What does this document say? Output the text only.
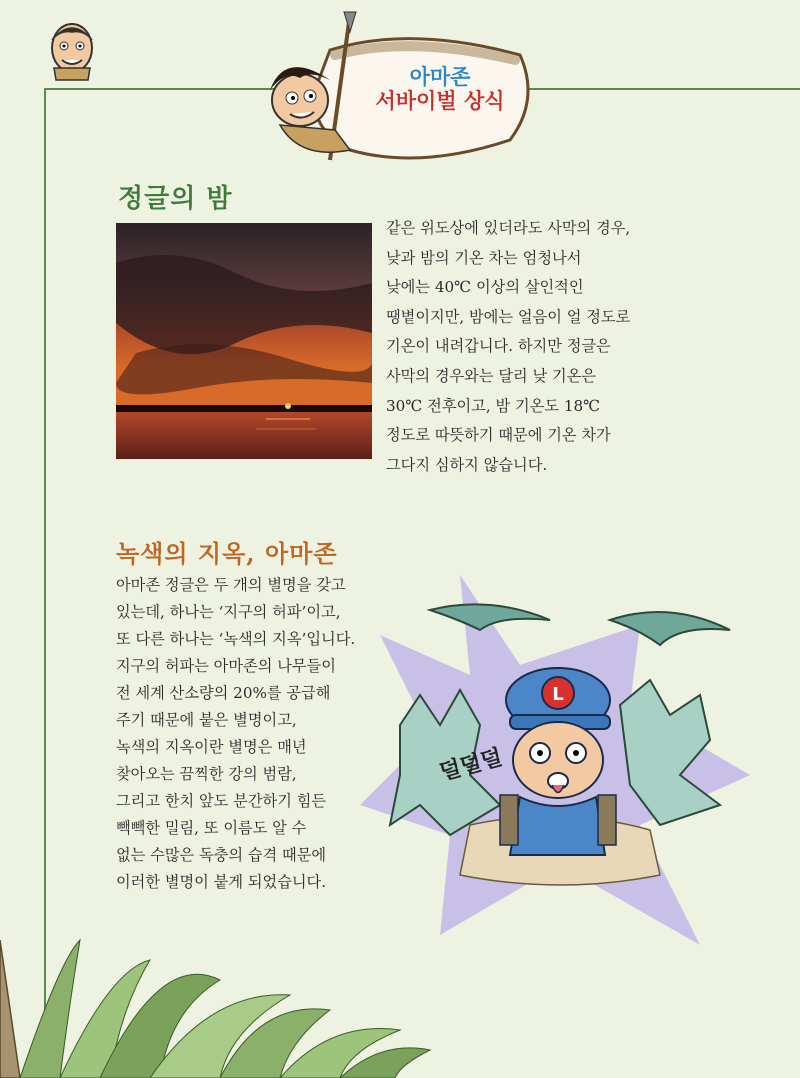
아마존
서바이벌 상식
정글의 밤
같은 위도상에 있더라도 사막의 경우,
낮과 밤의 기온 차는 엄청나서
낮에는 40℃ 이상의 살인적인
땡볕이지만, 밤에는 얼음이 얼 정도로
기온이 내려갑니다. 하지만 정글은
사막의 경우와는 달리 낮 기온은
30℃ 전후이고, 밤 기온도 18℃
정도로 따뜻하기 때문에 기온 차가
그다지 심하지 않습니다.
녹색의 지옥, 아마존
아마존 정글은 두 개의 별명을 갖고
있는데, 하나는 ‘지구의 허파’이고,
또 다른 하나는 ‘녹색의 지옥’입니다.
지구의 허파는 아마존의 나무들이
전 세계 산소량의 20%를 공급해
주기 때문에 붙은 별명이고,
녹색의 지옥이란 별명은 매년
찾아오는 끔찍한 강의 범람,
그리고 한치 앞도 분간하기 힘든
빽빽한 밀림, 또 이름도 알 수
없는 수많은 독충의 습격 때문에
이러한 별명이 붙게 되었습니다.
L
덜덜덜
